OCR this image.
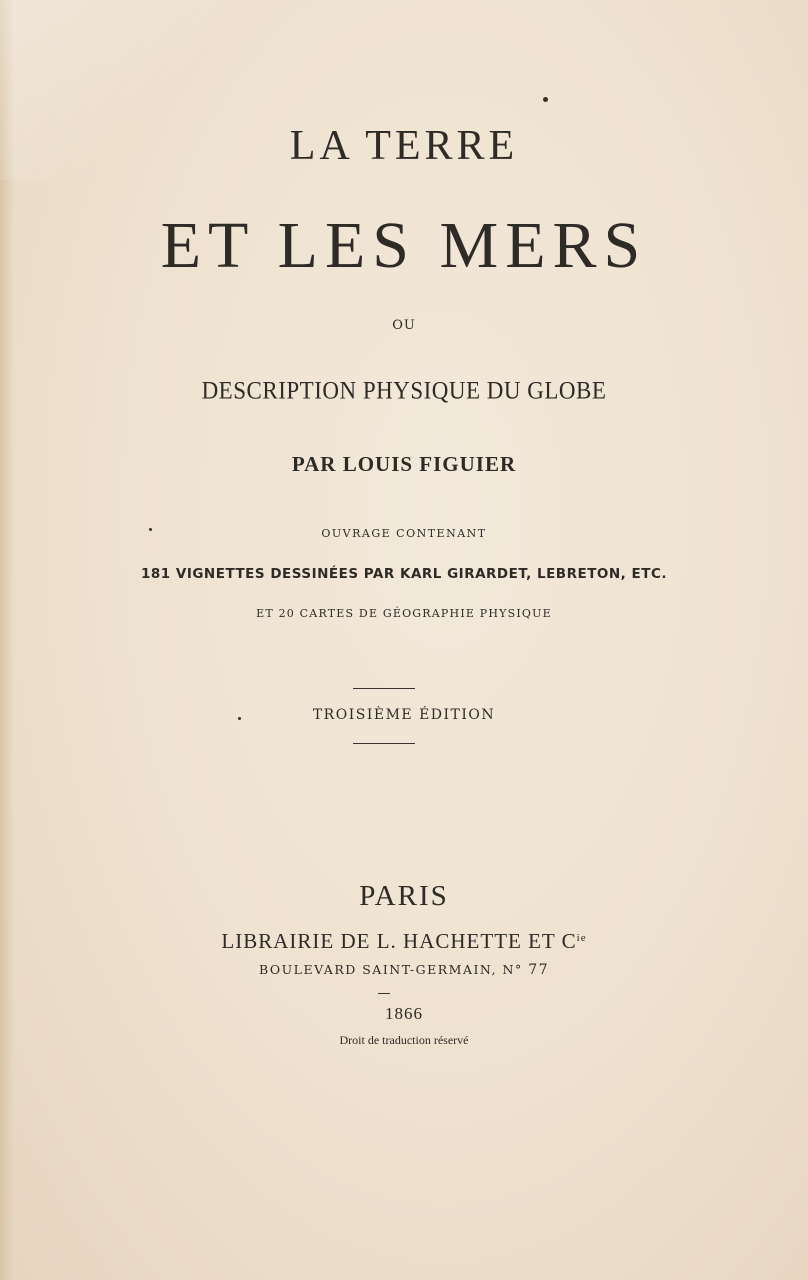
LA TERRE
ET LES MERS
OU
DESCRIPTION PHYSIQUE DU GLOBE
PAR LOUIS FIGUIER
OUVRAGE CONTENANT
181 VIGNETTES DESSINÉES PAR KARL GIRARDET, LEBRETON, ETC.
ET 20 CARTES DE GÉOGRAPHIE PHYSIQUE
TROISIÈME ÉDITION
PARIS
LIBRAIRIE DE L. HACHETTE ET $C^{ie}$
BOULEVARD SAINT-GERMAIN, N° 77
1866
Droit de traduction réservé
